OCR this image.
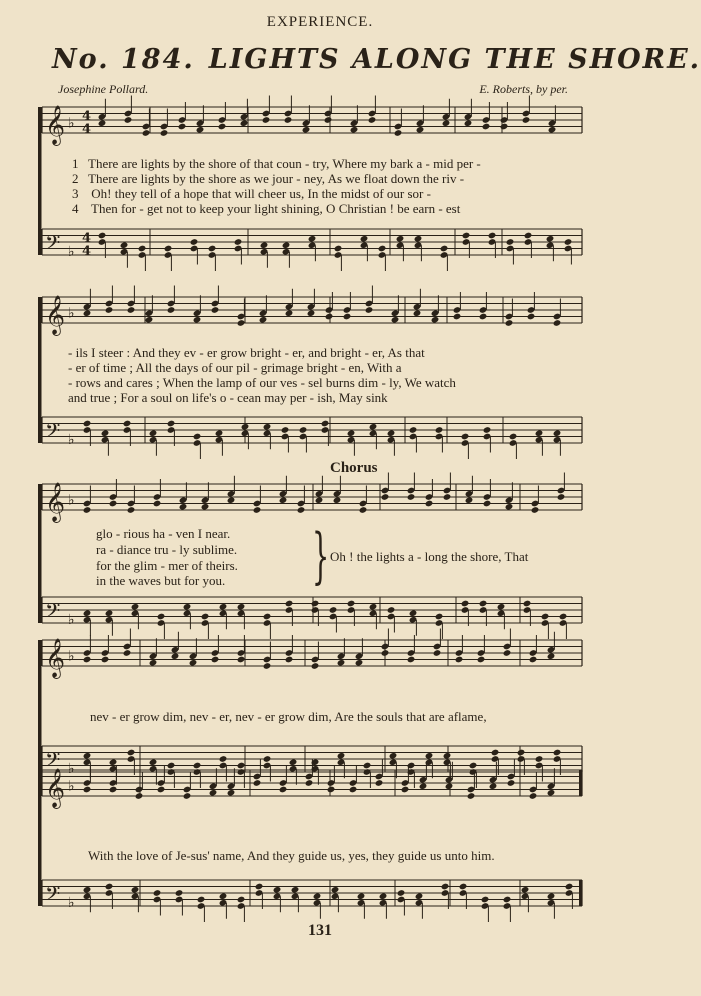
EXPERIENCE.
No. 184. LIGHTS ALONG THE SHORE.
Josephine Pollard.	E. Roberts, by per.
𝄞 ♭ 4
4
𝄢 ♭
4
4
𝄞 ♭
𝄢 ♭
𝄞 ♭
𝄢 ♭
𝄞 ♭
𝄢 ♭
𝄞 ♭
𝄢 ♭
1 There are lights by the shore of that coun - try, Where my bark a - mid per -
2 There are lights by the shore as we jour - ney, As we float down the riv -
3 Oh! they tell of a hope that will cheer us, In the midst of our sor -
4 Then for - get not to keep your light shining, O Christian ! be earn - est
- ils I steer : And they ev - er grow bright - er, and bright - er, As that
- er of time ; All the days of our pil - grimage bright - en, With a
- rows and cares ; When the lamp of our ves - sel burns dim - ly, We watch
and true ; For a soul on life's o - cean may per - ish, May sink
Chorus
glo - rious ha - ven I near.
ra - diance tru - ly sublime.
for the glim - mer of theirs.
in the waves but for you. } Oh ! the lights a - long the shore, That
nev - er grow dim, nev - er, nev - er grow dim, Are the souls that are aflame,
With the love of Je-sus' name, And they guide us, yes, they guide us unto him.
131
